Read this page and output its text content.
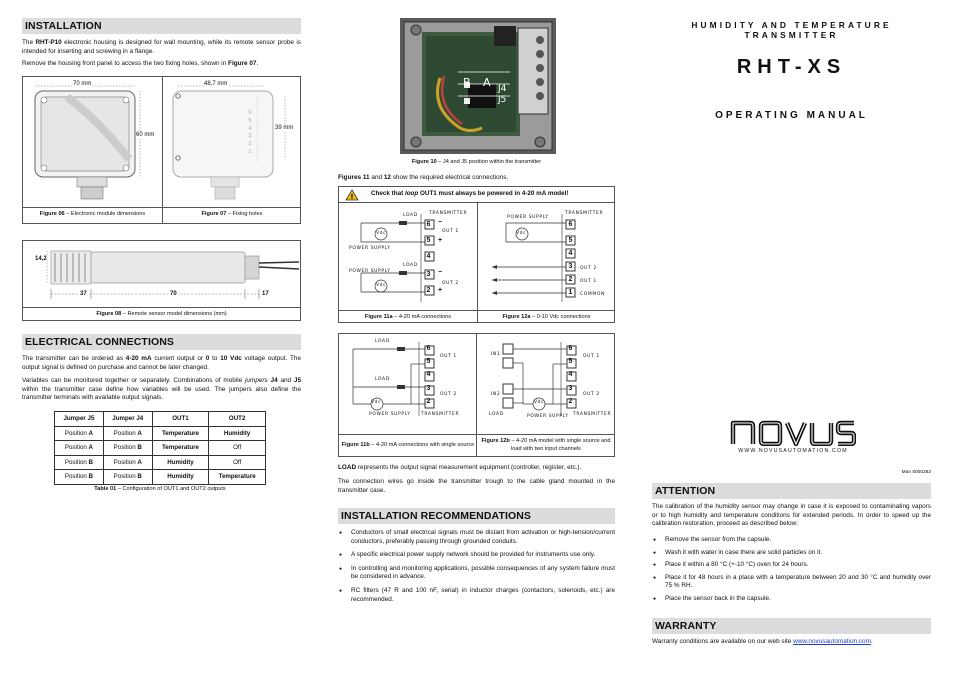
INSTALLATION

The RHT-P10 electronic housing is designed for wall mounting, while its remote sensor probe is intended for inserting and screwing in a flange.

Remove the housing front panel to access the two fixing holes, shown in Figure 07.

70 mm
60 mm
48,7 mm
39 mm
6
5
4
3
2
1
Figure 06 – Electronic module dimensions	Figure 07 – Fixing holes
14,2
37	70	17
Figure 08 – Remote sensor model dimensions (mm)
ELECTRICAL CONNECTIONS

The transmitter can be ordered as 4-20 mA current output or 0 to 10 Vdc voltage output. The output signal is defined on purchase and cannot be later changed.

Variables can be monitored together or separately. Combinations of mobile jumpers J4 and J5 within the transmitter case define how variables will be used. The jumpers also define the transmitter terminals with available output signals.

Jumper J5	Jumper J4	OUT1	OUT2
Position A	Position A	Temperature	Humidity
Position A	Position B	Temperature	Off
Position B	Position A	Humidity	Off
Position B	Position B	Humidity	Temperature
Table 01 – Configuration of OUT1 and OUT2 outputs
B A J4
J5
Figure 10 – J4 and J5 position within the transmitter

Figures 11 and 12 show the required electrical connections.

!	Check that loop OUT1 must always be powered in 4-20 mA model!
TRANSMITTER
LOAD
LOAD
POWER SUPPLY
POWER SUPPLY
Vdc
Vdc
6
5
4
3
2
OUT 1
OUT 2
−
+
−
+
TRANSMITTER
POWER SUPPLY
Vdc
6
5
4
3
2
1
OUT 2
OUT 1
COMMON
Figure 11a – 4-20 mA connections	Figure 12a – 0-10 Vdc connections
LOAD
LOAD
Vdc
POWER SUPPLY TRANSMITTER
6
5
4
3
2
OUT 1
OUT 2
IN1
IN2
Vdc
LOAD	POWER SUPPLY TRANSMITTER
6
5
4
3
2
OUT 1
OUT 2
Figure 11b – 4-20 mA connections with single source
Figure 12b – 4-20 mA model with single source and load with two input channels

LOAD represents the output signal measurement equipment (controller, register, etc.).

The connection wires go inside the transmitter trough to the cable gland mounted in the transmitter case.

INSTALLATION RECOMMENDATIONS
● Conductors of small electrical signals must be distant from activation or high-tension/current conductors, preferably passing through grounded conduits.
● A specific electrical power supply network should be provided for instruments use only.
● In controlling and monitoring applications, possible consequences of any system failure must be considered in advance.
● RC filters (47 R and 100 nF, serial) in inductor charges (contactors, solenoids, etc.) are recommended.
HUMIDITY AND TEMPERATURE TRANSMITTER
RHT-XS
OPERATING MANUAL
novus
WWW.NOVUSAUTOMATION.COM
Man 5000282
ATTENTION

The calibration of the humidity sensor may change in case it is exposed to contaminating vapors or to high humidity and temperature conditions for extended periods. In order to speed up the calibration restoration, proceed as described below:

● Remove the sensor from the capsule.
● Wash it with water in case there are solid particles on it.
● Place it within a 80 °C (+-10 °C) oven for 24 hours.
● Place it for 48 hours in a place with a temperature between 20 and 30 °C and humidity over 75 % RH.
● Place the sensor back in the capsule.
WARRANTY

Warranty conditions are available on our web site www.novusautomation.com.
